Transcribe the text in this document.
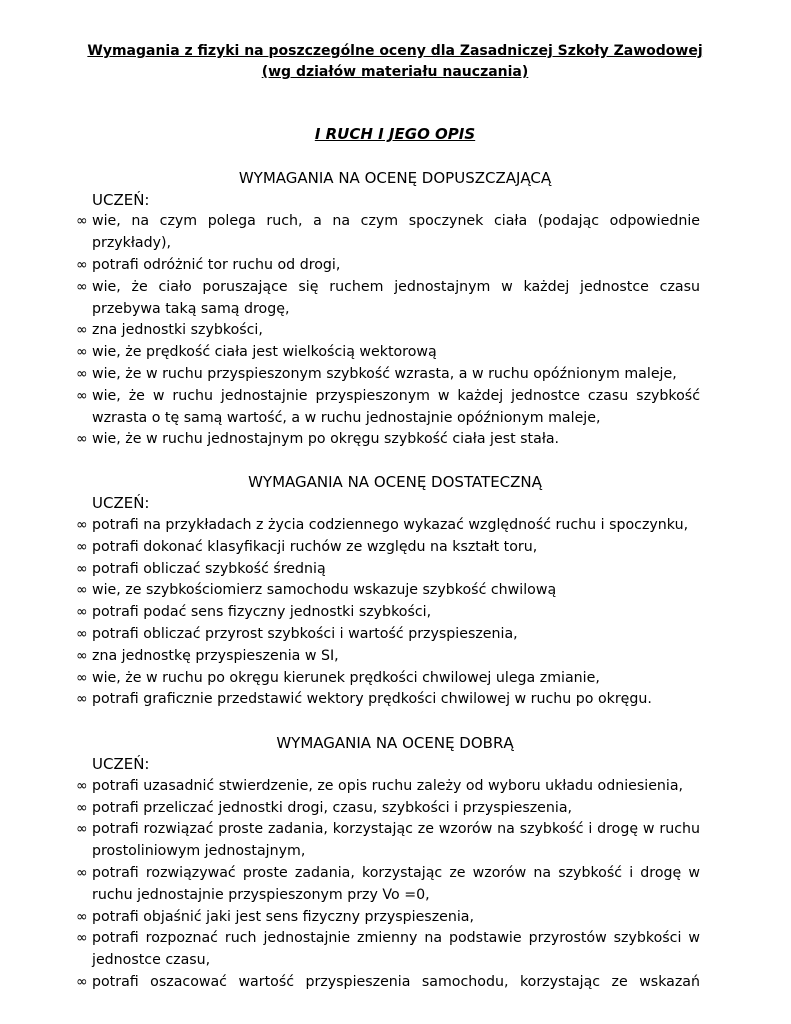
Wymagania z fizyki na poszczególne oceny dla Zasadniczej Szkoły Zawodowej
(wg działów materiału nauczania)
I RUCH I JEGO OPIS
WYMAGANIA NA OCENĘ DOPUSZCZAJĄCĄ
UCZEŃ:
∞ wie, na czym polega ruch, a na czym spoczynek ciała (podając odpowiednie przykłady),
∞ potrafi odróżnić tor ruchu od drogi,
∞ wie, że ciało poruszające się ruchem jednostajnym w każdej jednostce czasu przebywa taką samą drogę,
∞ zna jednostki szybkości,
∞ wie, że prędkość ciała jest wielkością wektorową
∞ wie, że w ruchu przyspieszonym szybkość wzrasta, a w ruchu opóźnionym maleje,
∞ wie, że w ruchu jednostajnie przyspieszonym w każdej jednostce czasu szybkość wzrasta o tę samą wartość, a w ruchu jednostajnie opóźnionym maleje,
∞ wie, że w ruchu jednostajnym po okręgu szybkość ciała jest stała.
WYMAGANIA NA OCENĘ DOSTATECZNĄ
UCZEŃ:
∞ potrafi na przykładach z życia codziennego wykazać względność ruchu i spoczynku,
∞ potrafi dokonać klasyfikacji ruchów ze względu na kształt toru,
∞ potrafi obliczać szybkość średnią
∞ wie, ze szybkościomierz samochodu wskazuje szybkość chwilową
∞ potrafi podać sens fizyczny jednostki szybkości,
∞ potrafi obliczać przyrost szybkości i wartość przyspieszenia,
∞ zna jednostkę przyspieszenia w SI,
∞ wie, że w ruchu po okręgu kierunek prędkości chwilowej ulega zmianie,
∞ potrafi graficznie przedstawić wektory prędkości chwilowej w ruchu po okręgu.
WYMAGANIA NA OCENĘ DOBRĄ
UCZEŃ:
∞ potrafi uzasadnić stwierdzenie, ze opis ruchu zależy od wyboru układu odniesienia,
∞ potrafi przeliczać jednostki drogi, czasu, szybkości i przyspieszenia,
∞ potrafi rozwiązać proste zadania, korzystając ze wzorów na szybkość i drogę w ruchu prostoliniowym jednostajnym,
∞ potrafi rozwiązywać proste zadania, korzystając ze wzorów na szybkość i drogę w ruchu jednostajnie przyspieszonym przy Vo =0,
∞ potrafi objaśnić jaki jest sens fizyczny przyspieszenia,
∞ potrafi rozpoznać ruch jednostajnie zmienny na podstawie przyrostów szybkości w jednostce czasu,
∞ potrafi oszacować wartość przyspieszenia samochodu, korzystając ze wskazań
